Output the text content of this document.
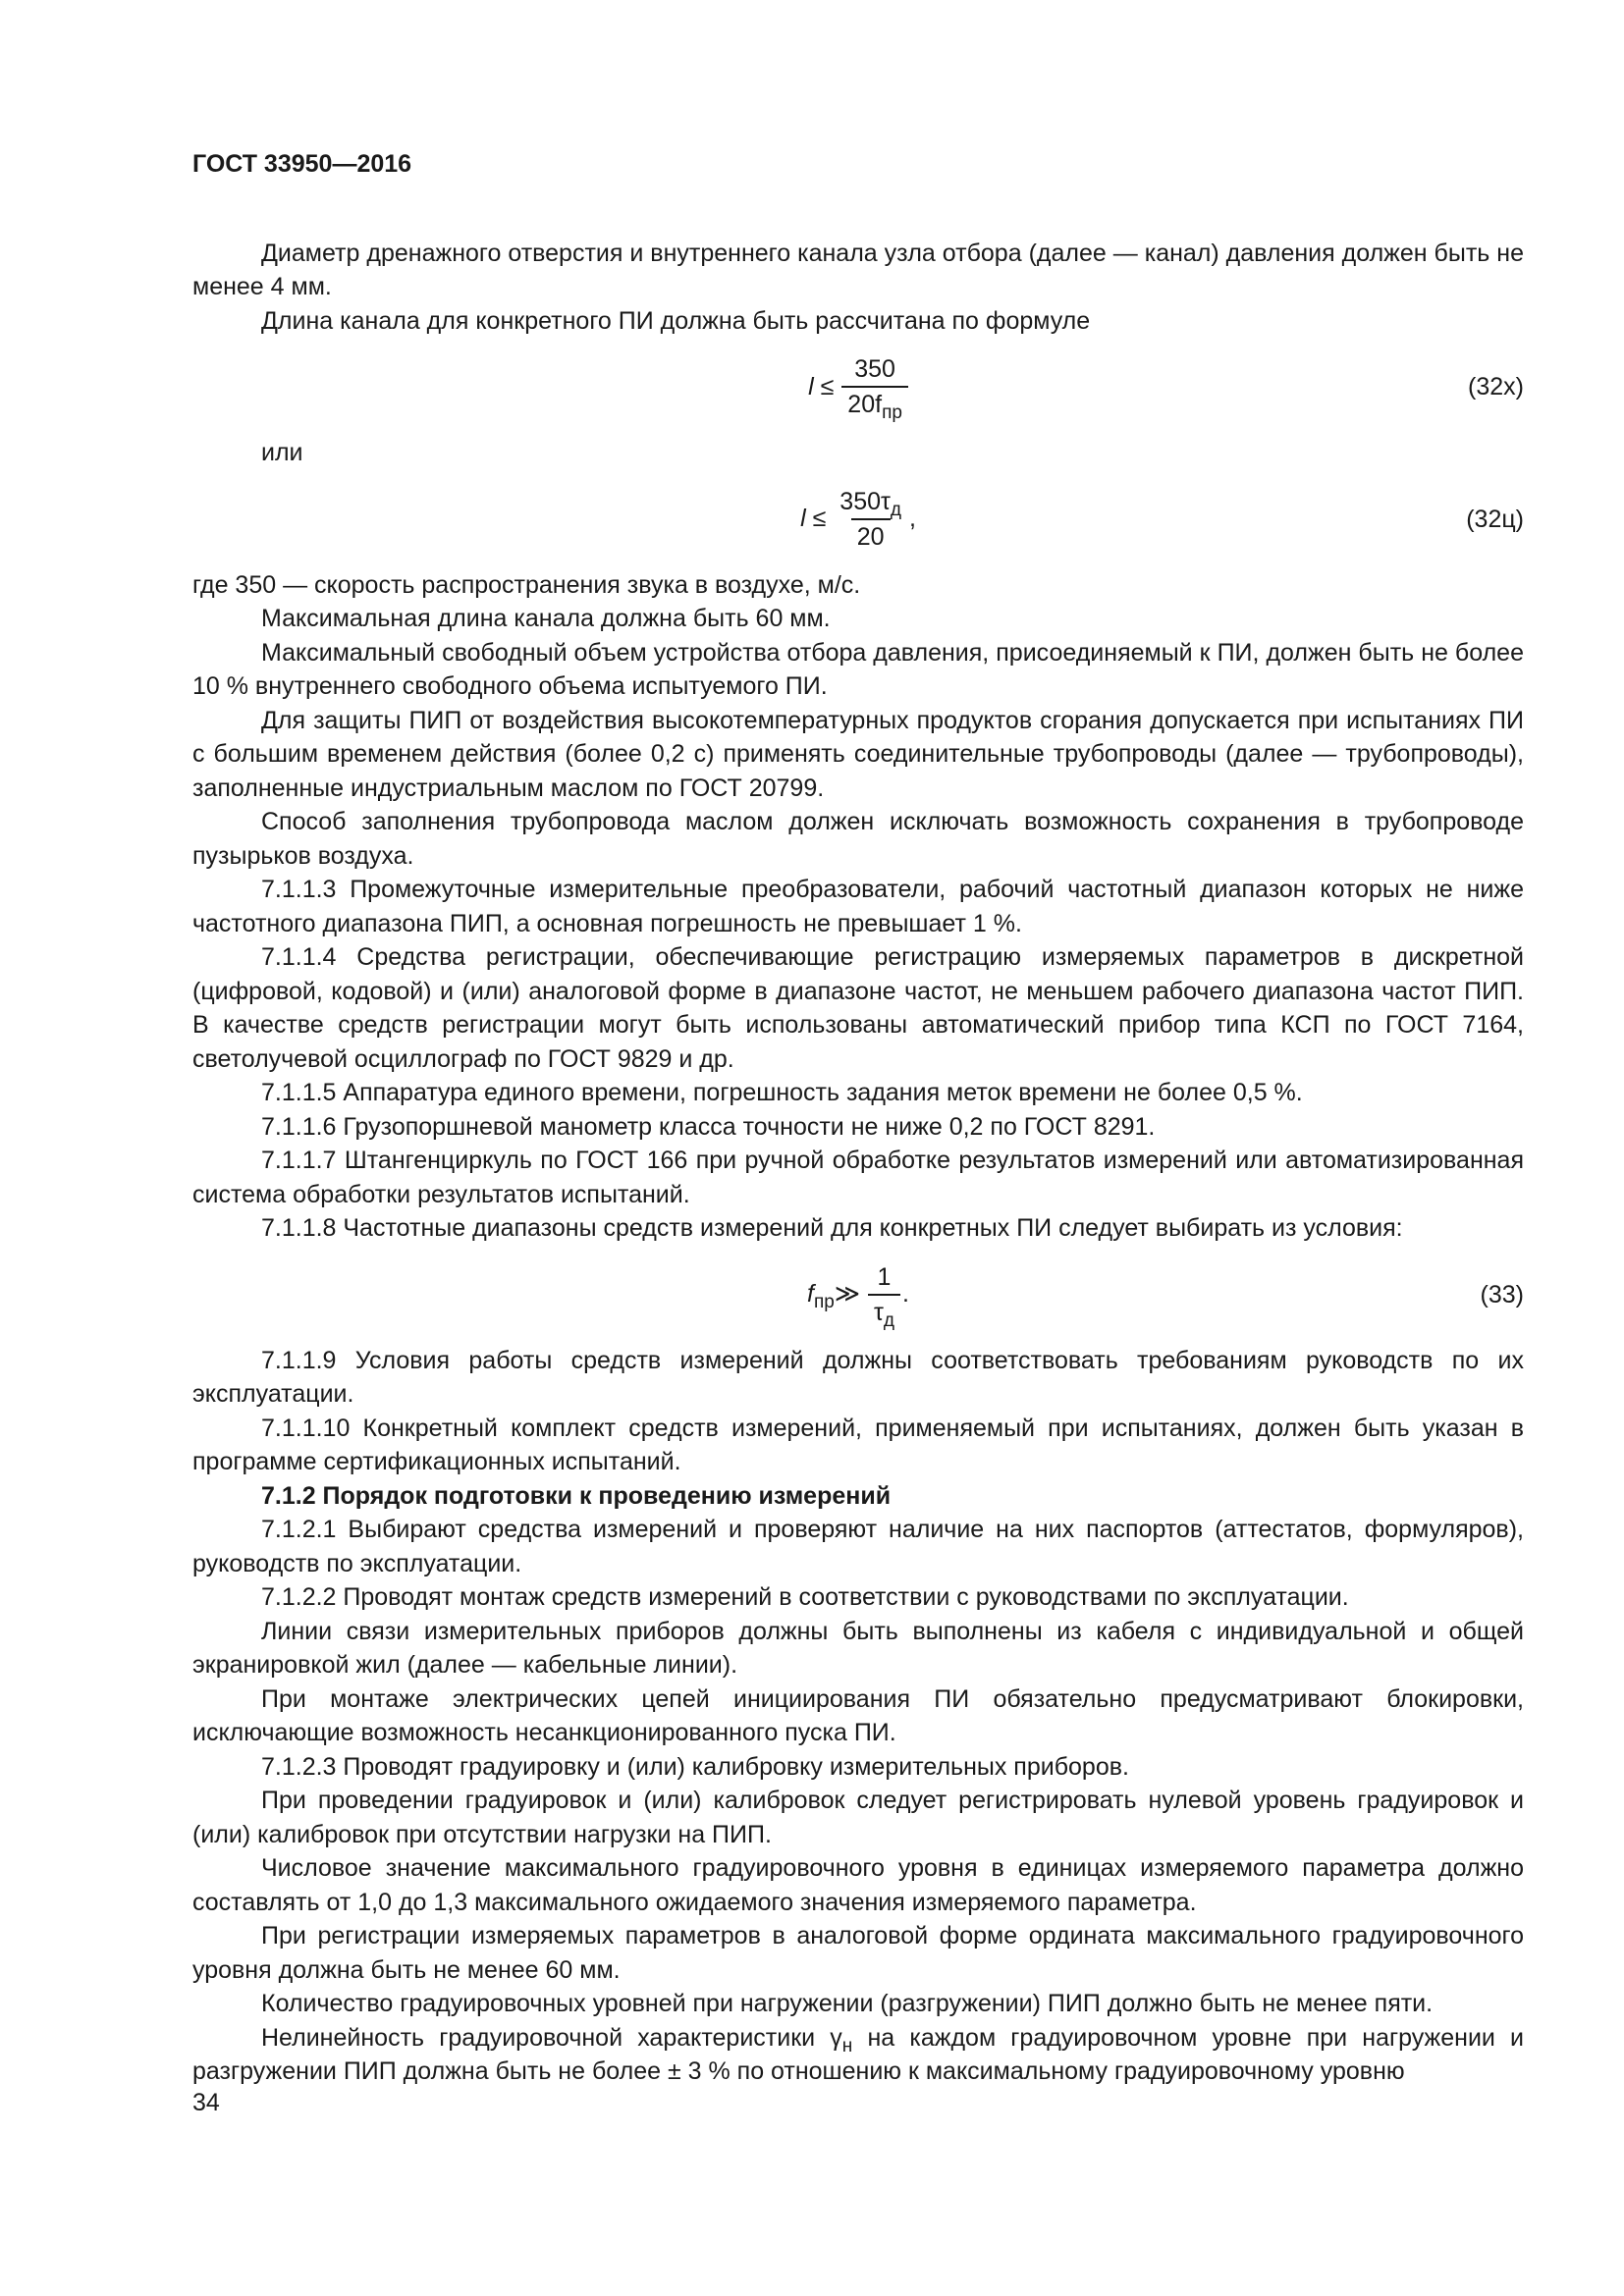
ГОСТ 33950—2016

Диаметр дренажного отверстия и внутреннего канала узла отбора (далее — канал) давления должен быть не менее 4 мм.

Длина канала для конкретного ПИ должна быть рассчитана по формуле

$l \le \frac{350}{20f_{пр}}$	(32x)

или

$l \le \frac{350\tau_д}{20}$ ,	(32ц)

где 350 — скорость распространения звука в воздухе, м/с.

Максимальная длина канала должна быть 60 мм.

Максимальный свободный объем устройства отбора давления, присоединяемый к ПИ, должен быть не более 10 % внутреннего свободного объема испытуемого ПИ.

Для защиты ПИП от воздействия высокотемпературных продуктов сгорания допускается при испытаниях ПИ с большим временем действия (более 0,2 с) применять соединительные трубопроводы (далее — трубопроводы), заполненные индустриальным маслом по ГОСТ 20799.

Способ заполнения трубопровода маслом должен исключать возможность сохранения в трубопроводе пузырьков воздуха.

7.1.1.3 Промежуточные измерительные преобразователи, рабочий частотный диапазон которых не ниже частотного диапазона ПИП, а основная погрешность не превышает 1 %.

7.1.1.4 Средства регистрации, обеспечивающие регистрацию измеряемых параметров в дискретной (цифровой, кодовой) и (или) аналоговой форме в диапазоне частот, не меньшем рабочего диапазона частот ПИП. В качестве средств регистрации могут быть использованы автоматический прибор типа КСП по ГОСТ 7164, светолучевой осциллограф по ГОСТ 9829 и др.

7.1.1.5 Аппаратура единого времени, погрешность задания меток времени не более 0,5 %.

7.1.1.6 Грузопоршневой манометр класса точности не ниже 0,2 по ГОСТ 8291.

7.1.1.7 Штангенциркуль по ГОСТ 166 при ручной обработке результатов измерений или автоматизированная система обработки результатов испытаний.

7.1.1.8 Частотные диапазоны средств измерений для конкретных ПИ следует выбирать из условия:

$f_{пр}≫ \frac{1}{\tau_д}$ .	(33)

7.1.1.9 Условия работы средств измерений должны соответствовать требованиям руководств по их эксплуатации.

7.1.1.10 Конкретный комплект средств измерений, применяемый при испытаниях, должен быть указан в программе сертификационных испытаний.

7.1.2 Порядок подготовки к проведению измерений

7.1.2.1 Выбирают средства измерений и проверяют наличие на них паспортов (аттестатов, формуляров), руководств по эксплуатации.

7.1.2.2 Проводят монтаж средств измерений в соответствии с руководствами по эксплуатации.

Линии связи измерительных приборов должны быть выполнены из кабеля с индивидуальной и общей экранировкой жил (далее — кабельные линии).

При монтаже электрических цепей инициирования ПИ обязательно предусматривают блокировки, исключающие возможность несанкционированного пуска ПИ.

7.1.2.3 Проводят градуировку и (или) калибровку измерительных приборов.

При проведении градуировок и (или) калибровок следует регистрировать нулевой уровень градуировок и (или) калибровок при отсутствии нагрузки на ПИП.

Числовое значение максимального градуировочного уровня в единицах измеряемого параметра должно составлять от 1,0 до 1,3 максимального ожидаемого значения измеряемого параметра.

При регистрации измеряемых параметров в аналоговой форме ордината максимального градуировочного уровня должна быть не менее 60 мм.

Количество градуировочных уровней при нагружении (разгружении) ПИП должно быть не менее пяти.

Нелинейность градуировочной характеристики $\gamma_н$ на каждом градуировочном уровне при нагружении и разгружении ПИП должна быть не более ± 3 % по отношению к максимальному градуировочному уровню

34
